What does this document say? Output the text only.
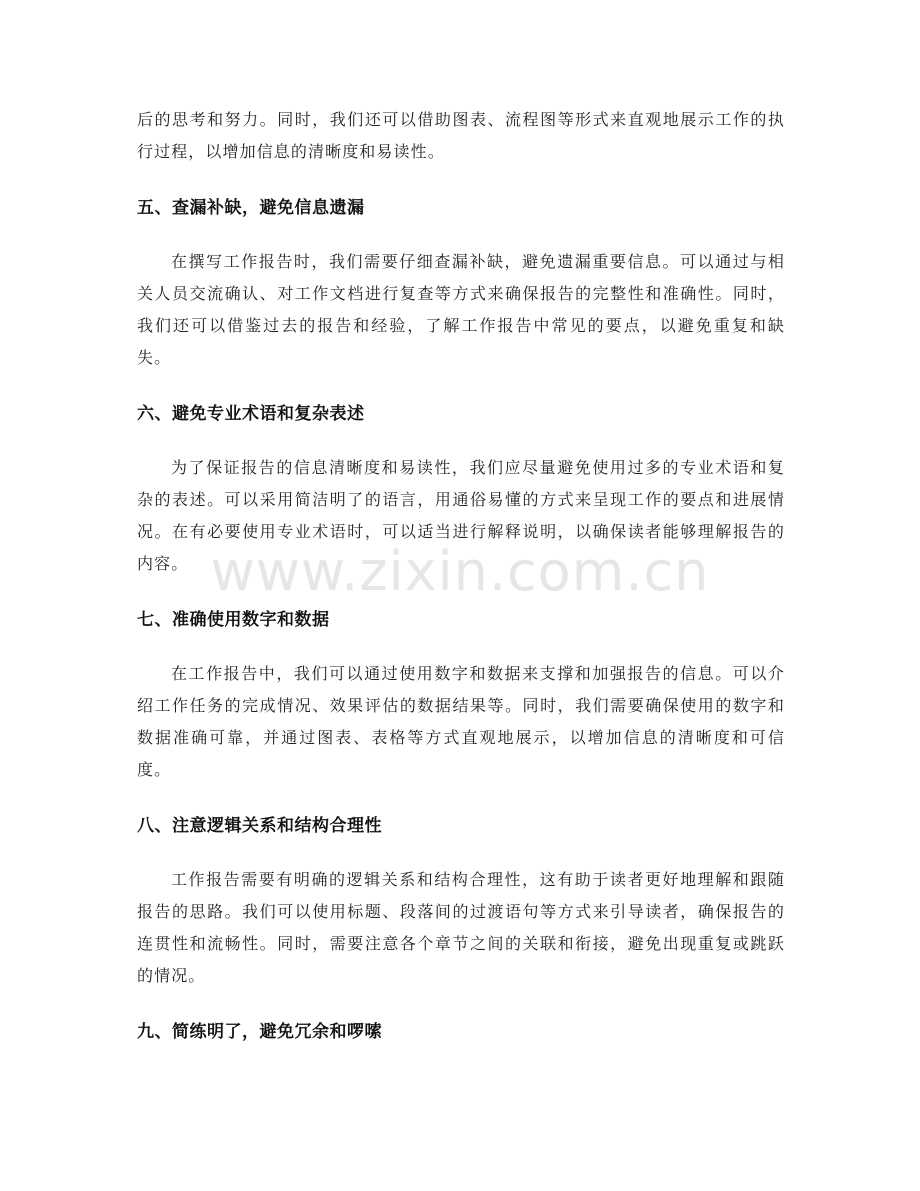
后的思考和努力。同时，我们还可以借助图表、流程图等形式来直观地展示工作的执行过程，以增加信息的清晰度和易读性。

五、查漏补缺，避免信息遗漏

在撰写工作报告时，我们需要仔细查漏补缺，避免遗漏重要信息。可以通过与相关人员交流确认、对工作文档进行复查等方式来确保报告的完整性和准确性。同时，我们还可以借鉴过去的报告和经验，了解工作报告中常见的要点，以避免重复和缺失。

六、避免专业术语和复杂表述

为了保证报告的信息清晰度和易读性，我们应尽量避免使用过多的专业术语和复杂的表述。可以采用简洁明了的语言，用通俗易懂的方式来呈现工作的要点和进展情况。在有必要使用专业术语时，可以适当进行解释说明，以确保读者能够理解报告的内容。

七、准确使用数字和数据

在工作报告中，我们可以通过使用数字和数据来支撑和加强报告的信息。可以介绍工作任务的完成情况、效果评估的数据结果等。同时，我们需要确保使用的数字和数据准确可靠，并通过图表、表格等方式直观地展示，以增加信息的清晰度和可信度。

八、注意逻辑关系和结构合理性

工作报告需要有明确的逻辑关系和结构合理性，这有助于读者更好地理解和跟随报告的思路。我们可以使用标题、段落间的过渡语句等方式来引导读者，确保报告的连贯性和流畅性。同时，需要注意各个章节之间的关联和衔接，避免出现重复或跳跃的情况。

九、简练明了，避免冗余和啰嗦
www.zixin.com.cn
